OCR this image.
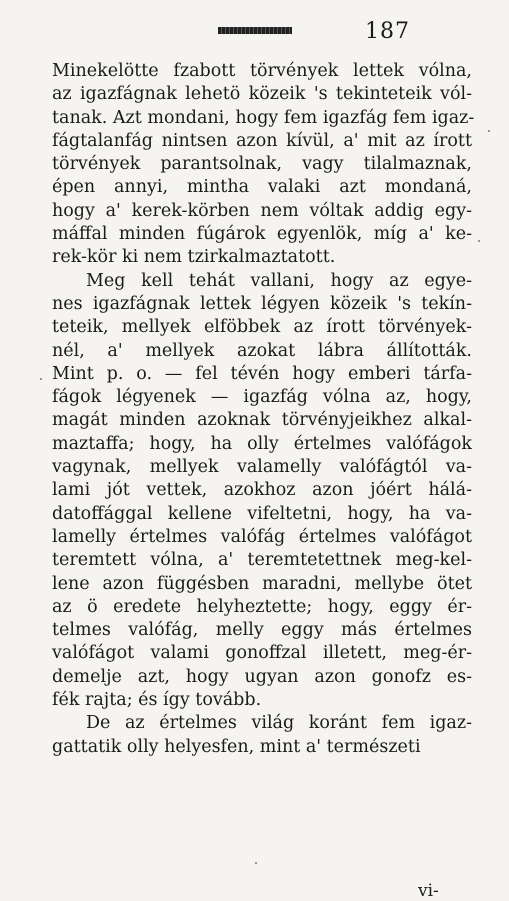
187
Minekelötte fzabott törvények lettek vólna,
az igazfágnak lehetö közeik 's tekinteteik vól-
tanak. Azt mondani, hogy fem igazfág fem igaz-
fágtalanfág nintsen azon kívül, a' mit az írott
törvények parantsolnak, vagy tilalmaznak,
épen annyi, mintha valaki azt mondaná,
hogy a' kerek-körben nem vóltak addig egy-
máffal minden fúgárok egyenlök, míg a' ke-
rek-kör ki nem tzirkalmaztatott.
Meg kell tehát vallani, hogy az egye-
nes igazfágnak lettek légyen közeik 's tekín-
teteik, mellyek elföbbek az írott törvények-
nél, a' mellyek azokat lábra állították.
Mint p. o. — fel tévén hogy emberi tárfa-
fágok légyenek — igazfág vólna az, hogy,
magát minden azoknak törvényjeikhez alkal-
maztaffa; hogy, ha olly értelmes valófágok
vagynak, mellyek valamelly valófágtól va-
lami jót vettek, azokhoz azon jóért hálá-
datoffággal kellene vifeltetni, hogy, ha va-
lamelly értelmes valófág értelmes valófágot
teremtett vólna, a' teremtetettnek meg-kel-
lene azon függésben maradni, mellybe ötet
az ö eredete helyheztette; hogy, eggy ér-
telmes valófág, melly eggy más értelmes
valófágot valami gonoffzal illetett, meg-ér-
demelje azt, hogy ugyan azon gonofz es-
fék rajta; és így tovább.
De az értelmes világ koránt fem igaz-
gattatik olly helyesfen, mint a' természeti
vi-
